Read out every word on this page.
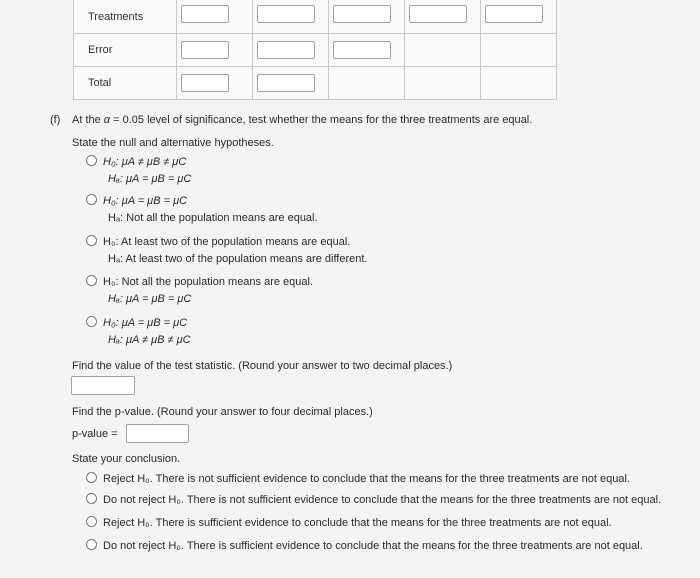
Treatments					
Error					
Total					
(f) At the α = 0.05 level of significance, test whether the means for the three treatments are equal.
State the null and alternative hypotheses.
H₀: μA ≠ μB ≠ μC
Hₐ: μA = μB = μC
H₀: μA = μB = μC
Hₐ: Not all the population means are equal.
H₀: At least two of the population means are equal.
Hₐ: At least two of the population means are different.
H₀: Not all the population means are equal.
Hₐ: μA = μB = μC
H₀: μA = μB = μC
Hₐ: μA ≠ μB ≠ μC
Find the value of the test statistic. (Round your answer to two decimal places.)
Find the p-value. (Round your answer to four decimal places.)
p-value =
State your conclusion.
Reject H₀. There is not sufficient evidence to conclude that the means for the three treatments are not equal.
Do not reject H₀. There is not sufficient evidence to conclude that the means for the three treatments are not equal.
Reject H₀. There is sufficient evidence to conclude that the means for the three treatments are not equal.
Do not reject H₀. There is sufficient evidence to conclude that the means for the three treatments are not equal.
